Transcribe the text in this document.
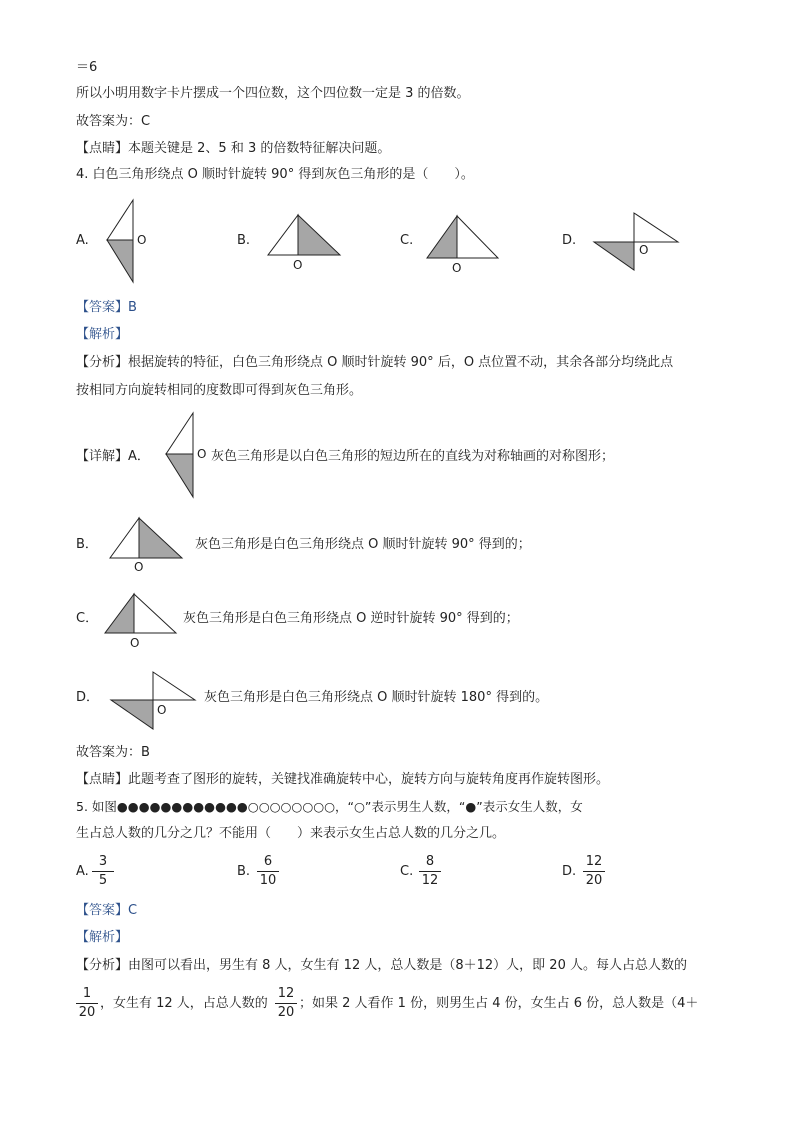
＝6
所以小明用数字卡片摆成一个四位数，这个四位数一定是 3 的倍数。
故答案为：C
【点睛】本题关键是 2、5 和 3 的倍数特征解决问题。
4. 白色三角形绕点 O 顺时针旋转 90° 得到灰色三角形的是（　　）。
A.	O	B.
O
C.
O
D.
O
【答案】B
【解析】
【分析】根据旋转的特征，白色三角形绕点 O 顺时针旋转 90° 后，O 点位置不动，其余各部分均绕此点
按相同方向旋转相同的度数即可得到灰色三角形。
【详解】A．	O 灰色三角形是以白色三角形的短边所在的直线为对称轴画的对称图形；
B．
O
灰色三角形是白色三角形绕点 O 顺时针旋转 90° 得到的；
C．
O
灰色三角形是白色三角形绕点 O 逆时针旋转 90° 得到的；
D．
O
灰色三角形是白色三角形绕点 O 顺时针旋转 180° 得到的。
故答案为：B
【点睛】此题考查了图形的旋转，关键找准确旋转中心，旋转方向与旋转角度再作旋转图形。
5. 如图●●●●●●●●●●●●○○○○○○○○，“○”表示男生人数，“●”表示女生人数，女
生占总人数的几分之几？不能用（　　）来表示女生占总人数的几分之几。
A.
3
5
B.
6
10
C.
8
12
D.
12
20
【答案】C
【解析】
【分析】由图可以看出，男生有 8 人，女生有 12 人，总人数是（8＋12）人，即 20 人。每人占总人数的
1
20
，女生有 12 人，占总人数的
12
20
；如果 2 人看作 1 份，则男生占 4 份，女生占 6 份，总人数是（4＋
